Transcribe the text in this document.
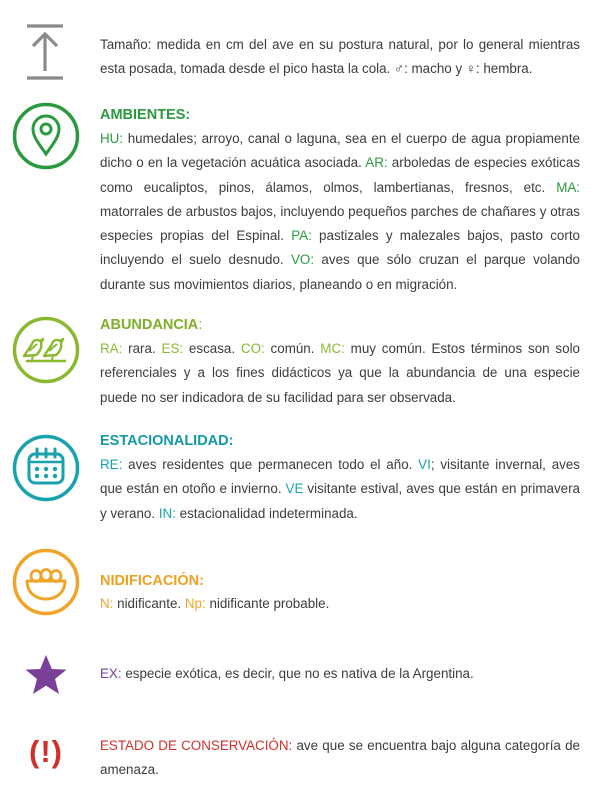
Tamaño: medida en cm del ave en su postura natural, por lo general mientras esta posada, tomada desde el pico hasta la cola. ♂: macho y ♀: hembra.
AMBIENTES:
HU: humedales; arroyo, canal o laguna, sea en el cuerpo de agua propiamente dicho o en la vegetación acuática asociada. AR: arboledas de especies exóticas como eucaliptos, pinos, álamos, olmos, lambertianas, fresnos, etc. MA: matorrales de arbustos bajos, incluyendo pequeños parches de chañares y otras especies propias del Espinal. PA: pastizales y malezales bajos, pasto corto incluyendo el suelo desnudo. VO: aves que sólo cruzan el parque volando durante sus movimientos diarios, planeando o en migración.
ABUNDANCIA:
RA: rara. ES: escasa. CO: común. MC: muy común. Estos términos son solo referenciales y a los fines didácticos ya que la abundancia de una especie puede no ser indicadora de su facilidad para ser observada.
ESTACIONALIDAD:
RE: aves residentes que permanecen todo el año. VI; visitante invernal, aves que están en otoño e invierno. VE visitante estival, aves que están en primavera y verano. IN: estacionalidad indeterminada.
NIDIFICACIÓN:
N: nidificante. Np: nidificante probable.
EX: especie exótica, es decir, que no es nativa de la Argentina.
(!)	ESTADO DE CONSERVACIÓN: ave que se encuentra bajo alguna categoría de amenaza.
